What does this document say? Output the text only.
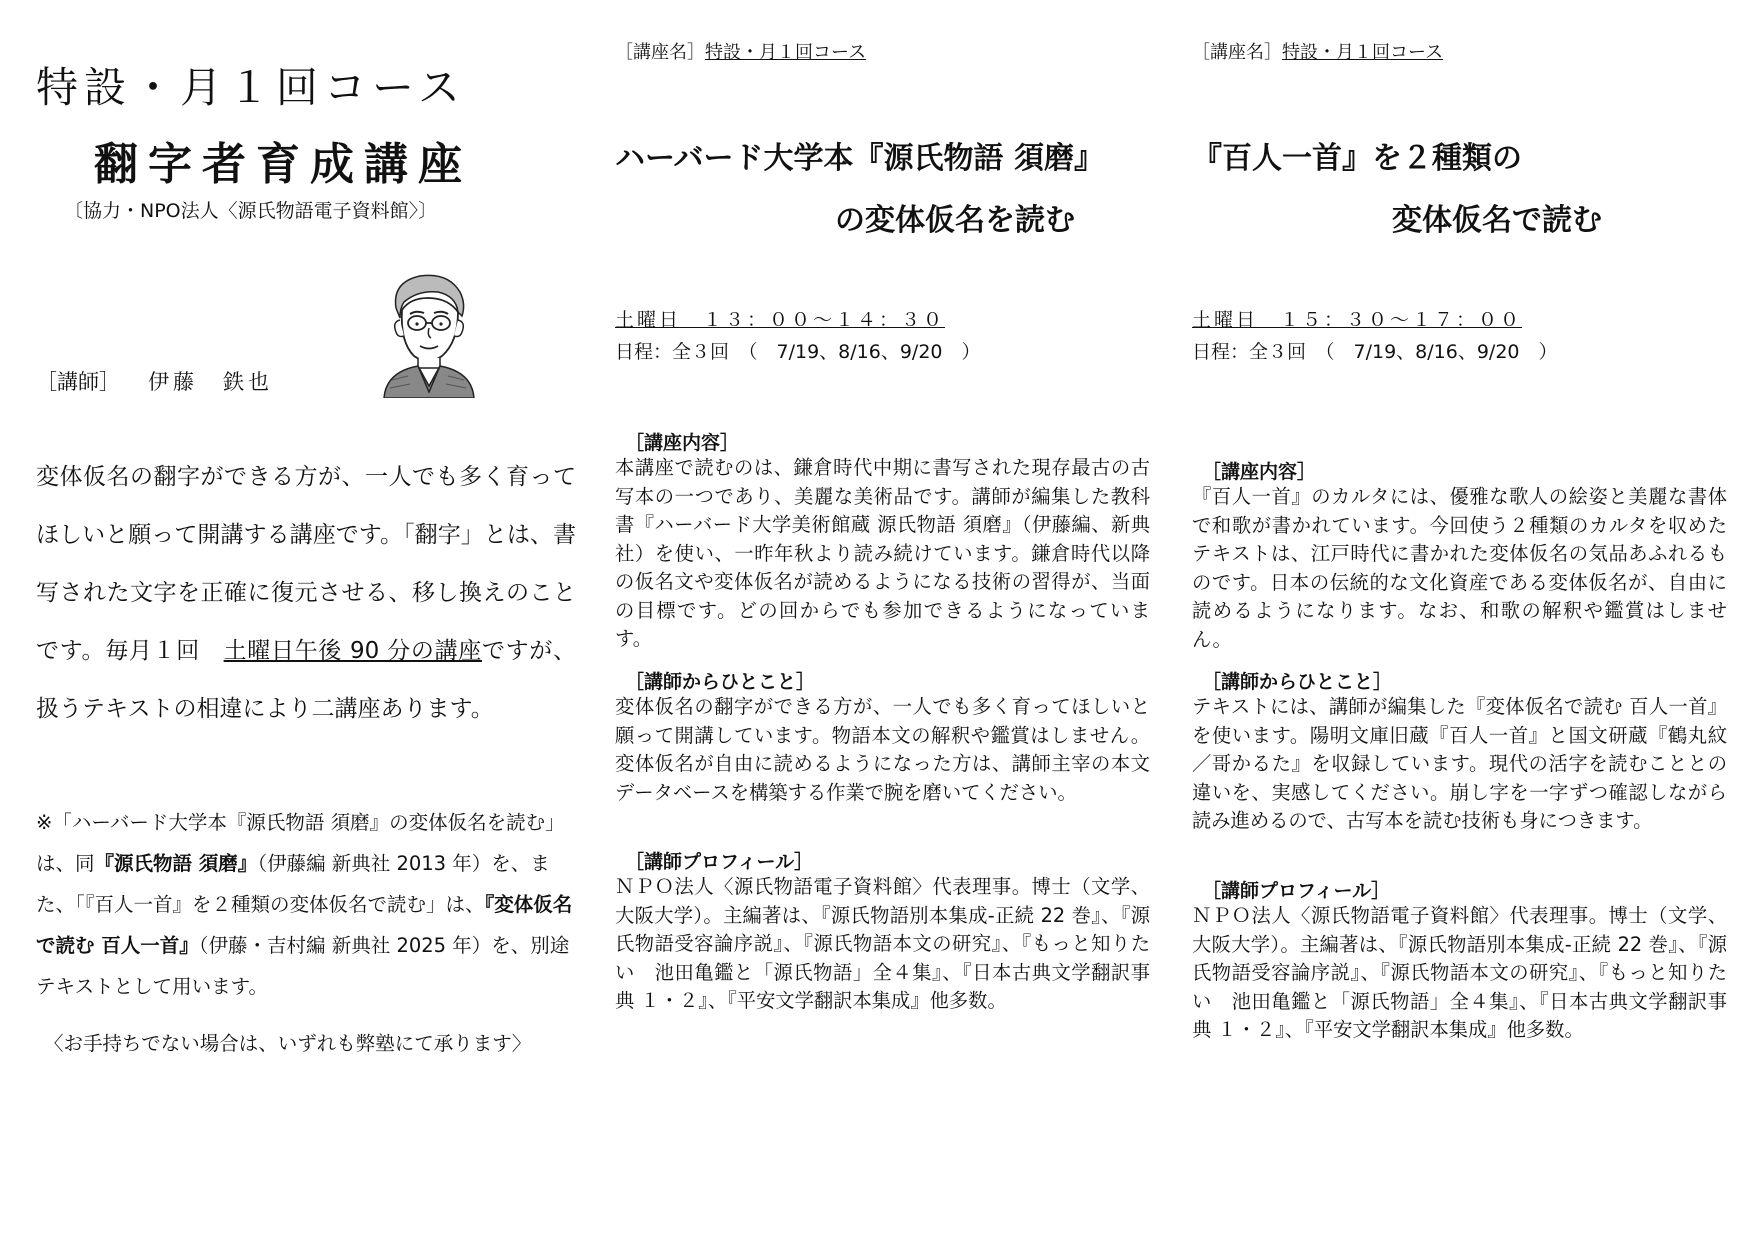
特設・月１回コース
翻字者育成講座
〔協力・NPO法人〈源氏物語電子資料館〉〕
［講師］ 伊藤　鉄也
変体仮名の翻字ができる方が、一人でも多く育ってほしいと願って開講する講座です。「翻字」とは、書写された文字を正確に復元させる、移し換えのことです。毎月１回　土曜日午後 90 分の講座ですが、扱うテキストの相違により二講座あります。
※「ハーバード大学本『源氏物語 須磨』の変体仮名を読む」は、同『源氏物語 須磨』（伊藤編 新典社 2013 年）を、また、「『百人一首』を２種類の変体仮名で読む」は、『変体仮名で読む 百人一首』（伊藤・吉村編 新典社 2025 年）を、別途テキストとして用います。
〈お手持ちでない場合は、いずれも弊塾にて承ります〉
［講座名］特設・月１回コース
ハーバード大学本『源氏物語 須磨』
の変体仮名を読む
土曜日　１３：００〜１４：３０
日程：全３回　（　7/19、8/16、9/20　）
［講座内容］
本講座で読むのは、鎌倉時代中期に書写された現存最古の古写本の一つであり、美麗な美術品です。講師が編集した教科書『ハーバード大学美術館蔵 源氏物語 須磨』（伊藤編、新典社）を使い、一昨年秋より読み続けています。鎌倉時代以降の仮名文や変体仮名が読めるようになる技術の習得が、当面の目標です。どの回からでも参加できるようになっています。
［講師からひとこと］
変体仮名の翻字ができる方が、一人でも多く育ってほしいと願って開講しています。物語本文の解釈や鑑賞はしません。変体仮名が自由に読めるようになった方は、講師主宰の本文データベースを構築する作業で腕を磨いてください。
［講師プロフィール］
ＮＰＯ法人〈源氏物語電子資料館〉代表理事。博士（文学、大阪大学）。主編著は、『源氏物語別本集成-正続 22 巻』、『源氏物語受容論序説』、『源氏物語本文の研究』、『もっと知りたい　池田亀鑑と「源氏物語」全４集』、『日本古典文学翻訳事典 １・２』、『平安文学翻訳本集成』他多数。
［講座名］特設・月１回コース
『百人一首』を２種類の
変体仮名で読む
土曜日　１５：３０〜１７：００
日程：全３回　（　7/19、8/16、9/20　）
［講座内容］
『百人一首』のカルタには、優雅な歌人の絵姿と美麗な書体で和歌が書かれています。今回使う２種類のカルタを収めたテキストは、江戸時代に書かれた変体仮名の気品あふれるものです。日本の伝統的な文化資産である変体仮名が、自由に読めるようになります。なお、和歌の解釈や鑑賞はしません。
［講師からひとこと］
テキストには、講師が編集した『変体仮名で読む 百人一首』を使います。陽明文庫旧蔵『百人一首』と国文研蔵『鶴丸紋／哥かるた』を収録しています。現代の活字を読むこととの違いを、実感してください。崩し字を一字ずつ確認しながら読み進めるので、古写本を読む技術も身につきます。
［講師プロフィール］
ＮＰＯ法人〈源氏物語電子資料館〉代表理事。博士（文学、大阪大学）。主編著は、『源氏物語別本集成-正続 22 巻』、『源氏物語受容論序説』、『源氏物語本文の研究』、『もっと知りたい　池田亀鑑と「源氏物語」全４集』、『日本古典文学翻訳事典 １・２』、『平安文学翻訳本集成』他多数。
